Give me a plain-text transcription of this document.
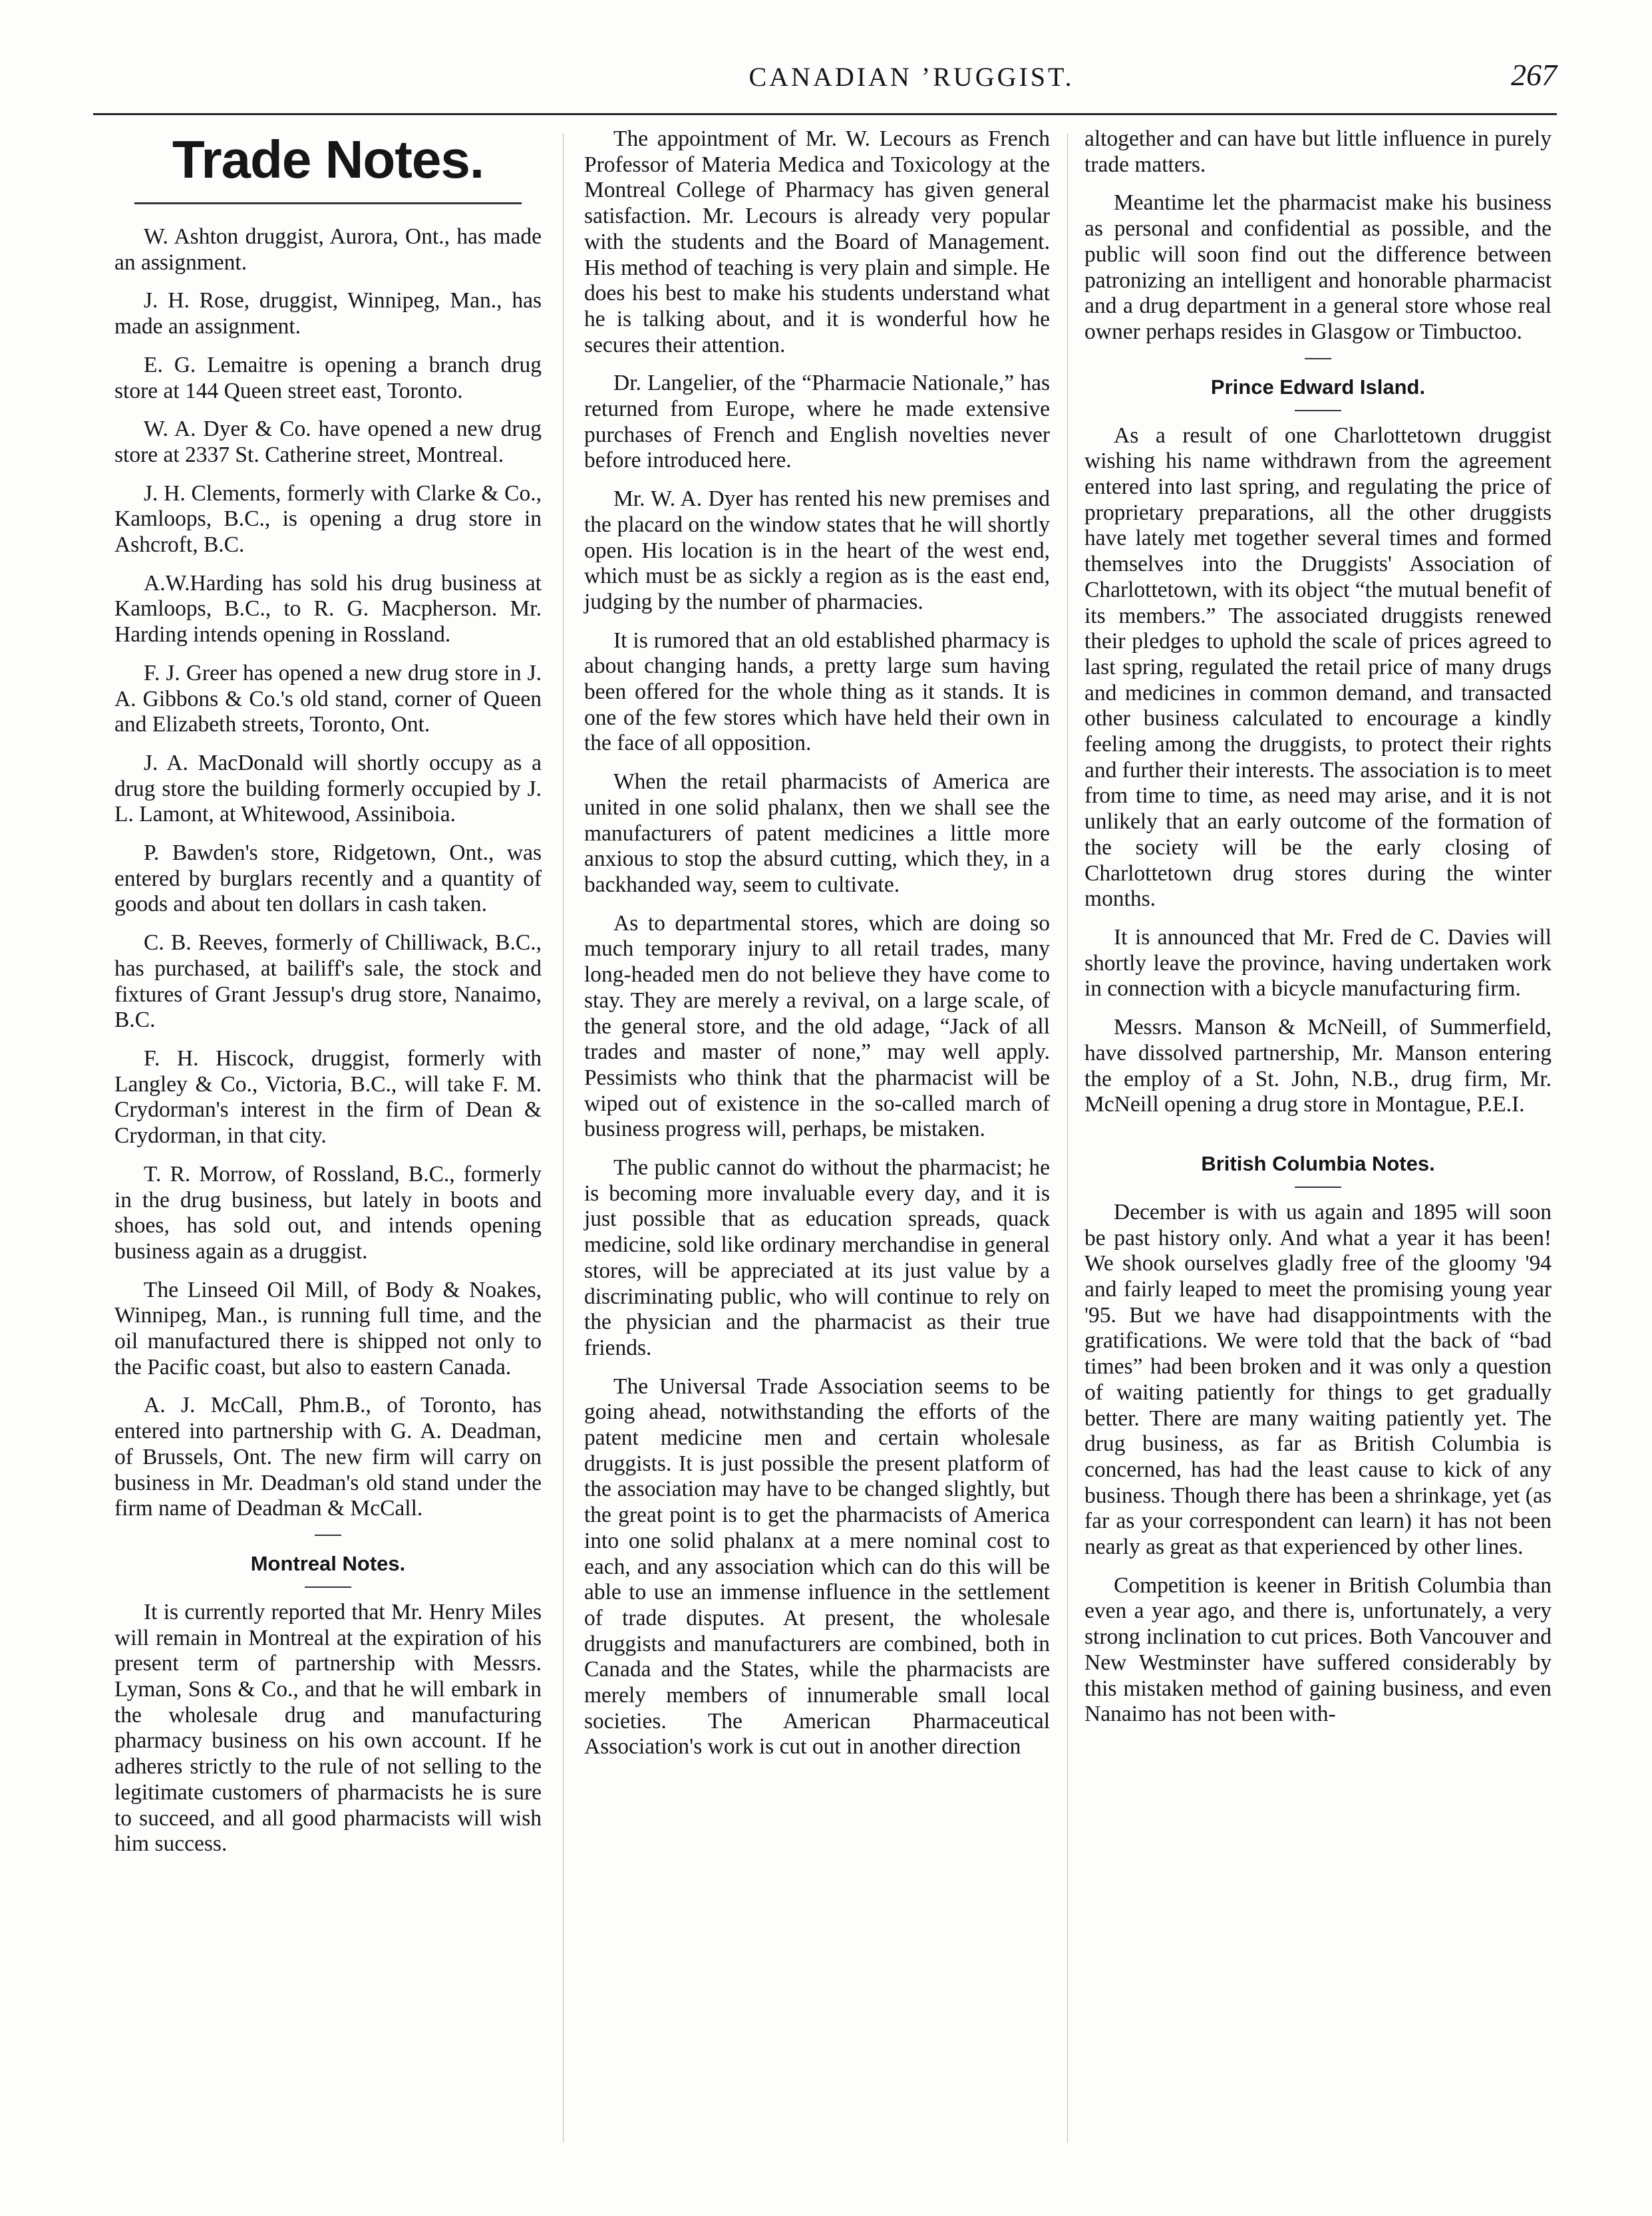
CANADIAN ’RUGGIST.	267
Trade Notes.

W. Ashton druggist, Aurora, Ont., has made an assignment.

J. H. Rose, druggist, Winnipeg, Man., has made an assignment.

E. G. Lemaitre is opening a branch drug store at 144 Queen street east, Toronto.

W. A. Dyer & Co. have opened a new drug store at 2337 St. Catherine street, Montreal.

J. H. Clements, formerly with Clarke & Co., Kamloops, B.C., is opening a drug store in Ashcroft, B.C.

A.W.Harding has sold his drug business at Kamloops, B.C., to R. G. Macpherson. Mr. Harding intends opening in Rossland.

F. J. Greer has opened a new drug store in J. A. Gibbons & Co.'s old stand, corner of Queen and Elizabeth streets, Toronto, Ont.

J. A. MacDonald will shortly occupy as a drug store the building formerly occupied by J. L. Lamont, at Whitewood, Assiniboia.

P. Bawden's store, Ridgetown, Ont., was entered by burglars recently and a quantity of goods and about ten dollars in cash taken.

C. B. Reeves, formerly of Chilliwack, B.C., has purchased, at bailiff's sale, the stock and fixtures of Grant Jessup's drug store, Nanaimo, B.C.

F. H. Hiscock, druggist, formerly with Langley & Co., Victoria, B.C., will take F. M. Crydorman's interest in the firm of Dean & Crydorman, in that city.

T. R. Morrow, of Rossland, B.C., formerly in the drug business, but lately in boots and shoes, has sold out, and intends opening business again as a druggist.

The Linseed Oil Mill, of Body & Noakes, Winnipeg, Man., is running full time, and the oil manufactured there is shipped not only to the Pacific coast, but also to eastern Canada.

A. J. McCall, Phm.B., of Toronto, has entered into partnership with G. A. Deadman, of Brussels, Ont. The new firm will carry on business in Mr. Deadman's old stand under the firm name of Deadman & McCall.

Montreal Notes.

It is currently reported that Mr. Henry Miles will remain in Montreal at the expiration of his present term of partnership with Messrs. Lyman, Sons & Co., and that he will embark in the wholesale drug and manufacturing pharmacy business on his own account. If he adheres strictly to the rule of not selling to the legitimate customers of pharmacists he is sure to succeed, and all good pharmacists will wish him success.

The appointment of Mr. W. Lecours as French Professor of Materia Medica and Toxicology at the Montreal College of Pharmacy has given general satisfaction. Mr. Lecours is already very popular with the students and the Board of Management. His method of teaching is very plain and simple. He does his best to make his students understand what he is talking about, and it is wonderful how he secures their attention.

Dr. Langelier, of the “Pharmacie Nationale,” has returned from Europe, where he made extensive purchases of French and English novelties never before introduced here.

Mr. W. A. Dyer has rented his new premises and the placard on the window states that he will shortly open. His location is in the heart of the west end, which must be as sickly a region as is the east end, judging by the number of pharmacies.

It is rumored that an old established pharmacy is about changing hands, a pretty large sum having been offered for the whole thing as it stands. It is one of the few stores which have held their own in the face of all opposition.

When the retail pharmacists of America are united in one solid phalanx, then we shall see the manufacturers of patent medicines a little more anxious to stop the absurd cutting, which they, in a backhanded way, seem to cultivate.

As to departmental stores, which are doing so much temporary injury to all retail trades, many long-headed men do not believe they have come to stay. They are merely a revival, on a large scale, of the general store, and the old adage, “Jack of all trades and master of none,” may well apply. Pessimists who think that the pharmacist will be wiped out of existence in the so-called march of business progress will, perhaps, be mistaken.

The public cannot do without the pharmacist; he is becoming more invaluable every day, and it is just possible that as education spreads, quack medicine, sold like ordinary merchandise in general stores, will be appreciated at its just value by a discriminating public, who will continue to rely on the physician and the pharmacist as their true friends.

The Universal Trade Association seems to be going ahead, notwithstanding the efforts of the patent medicine men and certain wholesale druggists. It is just possible the present platform of the association may have to be changed slightly, but the great point is to get the pharmacists of America into one solid phalanx at a mere nominal cost to each, and any association which can do this will be able to use an immense influence in the settlement of trade disputes. At present, the wholesale druggists and manufacturers are combined, both in Canada and the States, while the pharmacists are merely members of innumerable small local societies. The American Pharmaceutical Association's work is cut out in another direction

altogether and can have but little influence in purely trade matters.

Meantime let the pharmacist make his business as personal and confidential as possible, and the public will soon find out the difference between patronizing an intelligent and honorable pharmacist and a drug department in a general store whose real owner perhaps resides in Glasgow or Timbuctoo.

Prince Edward Island.

As a result of one Charlottetown druggist wishing his name withdrawn from the agreement entered into last spring, and regulating the price of proprietary preparations, all the other druggists have lately met together several times and formed themselves into the Druggists' Association of Charlottetown, with its object “the mutual benefit of its members.” The associated druggists renewed their pledges to uphold the scale of prices agreed to last spring, regulated the retail price of many drugs and medicines in common demand, and transacted other business calculated to encourage a kindly feeling among the druggists, to protect their rights and further their interests. The association is to meet from time to time, as need may arise, and it is not unlikely that an early outcome of the formation of the society will be the early closing of Charlottetown drug stores during the winter months.

It is announced that Mr. Fred de C. Davies will shortly leave the province, having undertaken work in connection with a bicycle manufacturing firm.

Messrs. Manson & McNeill, of Summerfield, have dissolved partnership, Mr. Manson entering the employ of a St. John, N.B., drug firm, Mr. McNeill opening a drug store in Montague, P.E.I.

British Columbia Notes.

December is with us again and 1895 will soon be past history only. And what a year it has been! We shook ourselves gladly free of the gloomy '94 and fairly leaped to meet the promising young year '95. But we have had disappointments with the gratifications. We were told that the back of “bad times” had been broken and it was only a question of waiting patiently for things to get gradually better. There are many waiting patiently yet. The drug business, as far as British Columbia is concerned, has had the least cause to kick of any business. Though there has been a shrinkage, yet (as far as your correspondent can learn) it has not been nearly as great as that experienced by other lines.

Competition is keener in British Columbia than even a year ago, and there is, unfortunately, a very strong inclination to cut prices. Both Vancouver and New Westminster have suffered considerably by this mistaken method of gaining business, and even Nanaimo has not been with-
